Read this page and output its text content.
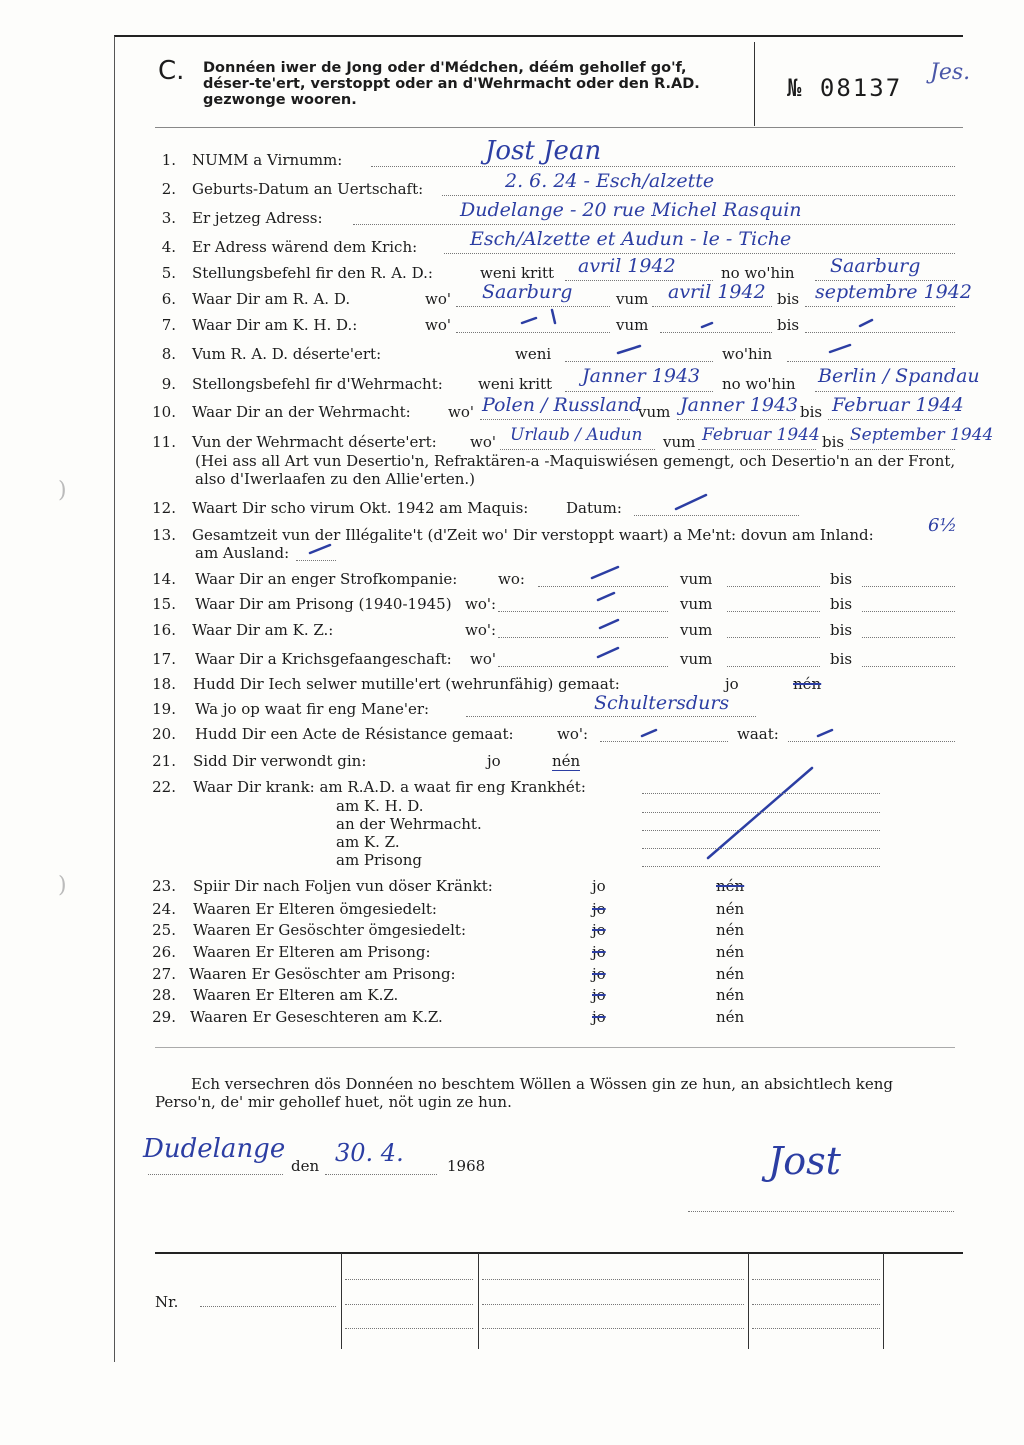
)
)
C. Donnéen iwer de Jong oder d'Médchen, déém gehollef go'f, déser-te'ert, verstoppt oder an d'Wehrmacht oder den R.AD. gezwonge wooren.	№ 08137
Jes.
1. NUMM a Virnumm:	Jost Jean
2. Geburts-Datum an Uertschaft:	2. 6. 24 - Esch/alzette
3. Er jetzeg Adress:	Dudelange - 20 rue Michel Rasquin
4. Er Adress wärend dem Krich:	Esch/Alzette et Audun - le - Tiche
5. Stellungsbefehl fir den R. A. D.:	weni kritt	no wo'hin
avril 1942	Saarburg
6. Waar Dir am R. A. D.	wo'	vum	bis
Saarburg	avril 1942	septembre 1942
7. Waar Dir am K. H. D.:	wo'	vum	bis
8. Vum R. A. D. déserte'ert:	weni	wo'hin
9. Stellongsbefehl fir d'Wehrmacht: weni kritt	no wo'hin
Janner 1943	Berlin / Spandau
10. Waar Dir an der Wehrmacht: wo'	vum	bis
Polen / Russland Janner 1943 Februar 1944
11. Vun der Wehrmacht déserte'ert: wo'	vum	bis
Urlaub / Audun	Februar 1944 September 1944
(Hei ass all Art vun Desertio'n, Refraktären-a -Maquiswiésen gemengt, och Desertio'n an der Front, also d'Iwerlaafen zu den Allie'erten.)
12. Waart Dir scho virum Okt. 1942 am Maquis:	Datum:
13. Gesamtzeit vun der Illégalite't (d'Zeit wo' Dir verstoppt waart) a Me'nt: dovun am Inland:	6½
am Ausland:
14. Waar Dir an enger Strofkompanie:	wo:	vum	bis
15. Waar Dir am Prisong (1940-1945) wo':	vum	bis
16. Waar Dir am K. Z.:	wo':	vum	bis
17. Waar Dir a Krichsgefaangeschaft: wo'	vum	bis
18. Hudd Dir Iech selwer mutille'ert (wehrunfähig) gemaat:	jo	nén
19. Wa jo op waat fir eng Mane'er:	Schultersdurs
20. Hudd Dir een Acte de Résistance gemaat:	wo':	waat:
21. Sidd Dir verwondt gin:	jo	nén
22. Waar Dir krank: am R.A.D. a waat fir eng Krankhét:
am K. H. D.
an der Wehrmacht.
am K. Z.
am Prisong
23. Spiir Dir nach Foljen vun döser Kränkt:	jo	nén
24. Waaren Er Elteren ömgesiedelt:	jo	nén
25. Waaren Er Gesöschter ömgesiedelt:	jo	nén
26. Waaren Er Elteren am Prisong:	jo	nén
27. Waaren Er Gesöschter am Prisong:	jo	nén
28. Waaren Er Elteren am K.Z.	jo	nén
29. Waaren Er Geseschteren am K.Z.	jo	nén
Ech versechren dös Donnéen no beschtem Wöllen a Wössen gin ze hun, an absichtlech keng Perso'n, de' mir gehollef huet, nöt ugin ze hun.
Dudelange
den 30. 4.	1968	Jost
Nr.
